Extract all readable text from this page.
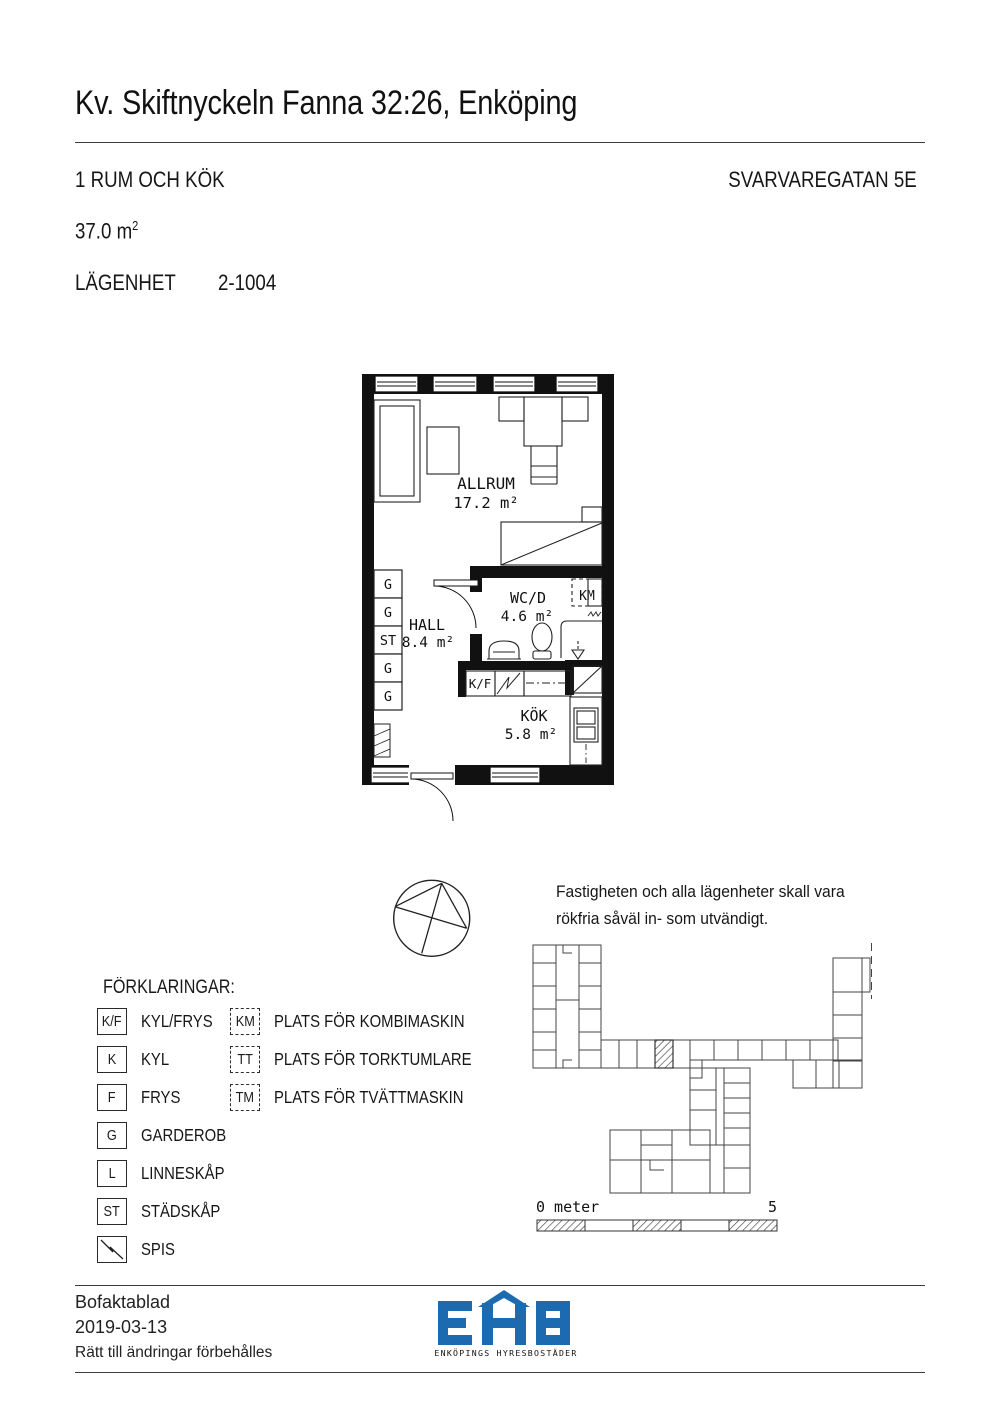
Kv. Skiftnyckeln Fanna 32:26, Enköping
1 RUM OCH KÖK	SVARVAREGATAN 5E
37.0 $m^2$
LÄGENHET	2-1004
G
G
ST
G
G
KM
K/F
ALLRUM
17.2 m²
WC/D
4.6 m²
HALL
8.4 m²
KÖK
5.8 m²
Fastigheten och alla lägenheter skall vara
rökfria såväl in- som utvändigt.
FÖRKLARINGAR:
K/F KYL/FRYS
K KYL
F FRYS
G GARDEROB
L LINNESKÅP
ST STÄDSKÅP
SPIS
KM PLATS FÖR KOMBIMASKIN
TT PLATS FÖR TORKTUMLARE
TM PLATS FÖR TVÄTTMASKIN
0 meter	5
Bofaktablad
2019-03-13
Rätt till ändringar förbehålles	ENKÖPINGS HYRESBOSTÄDER
